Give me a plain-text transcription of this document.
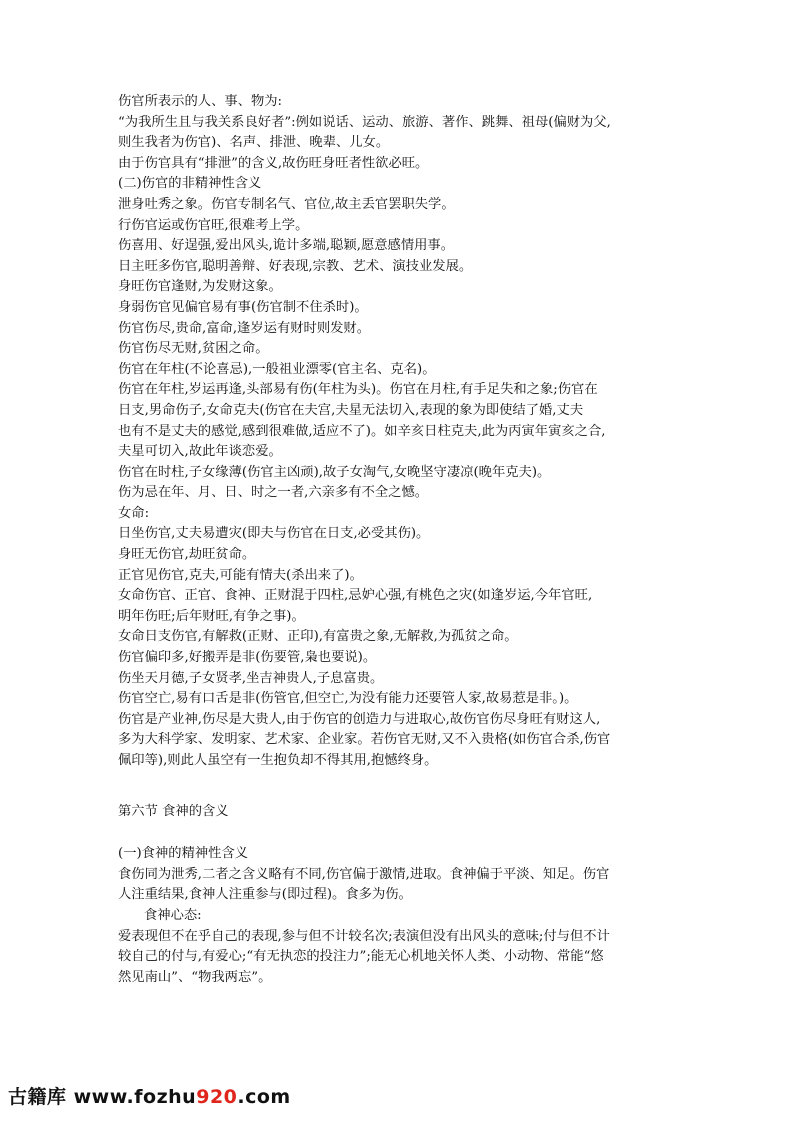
伤官所表示的人、事、物为:

“为我所生且与我关系良好者”:例如说话、运动、旅游、著作、跳舞、祖母(偏财为父,

则生我者为伤官)、名声、排泄、晚辈、儿女。

由于伤官具有“排泄”的含义,故伤旺身旺者性欲必旺。

(二)伤官的非精神性含义

泄身吐秀之象。伤官专制名气、官位,故主丢官罢职失学。

行伤官运或伤官旺,很难考上学。

伤喜用、好逞强,爱出风头,诡计多端,聪颖,愿意感情用事。

日主旺多伤官,聪明善辩、好表现,宗教、艺术、演技业发展。

身旺伤官逢财,为发财这象。

身弱伤官见偏官易有事(伤官制不住杀时)。

伤官伤尽,贵命,富命,逢岁运有财时则发财。

伤官伤尽无财,贫困之命。

伤官在年柱(不论喜忌),一般祖业漂零(官主名、克名)。

伤官在年柱,岁运再逢,头部易有伤(年柱为头)。伤官在月柱,有手足失和之象;伤官在

日支,男命伤子,女命克夫(伤官在夫宫,夫星无法切入,表现的象为即使结了婚,丈夫

也有不是丈夫的感觉,感到很难做,适应不了)。如辛亥日柱克夫,此为丙寅年寅亥之合,

夫星可切入,故此年谈恋爱。

伤官在时柱,子女缘薄(伤官主凶顽),故子女淘气,女晚坚守凄凉(晚年克夫)。

伤为忌在年、月、日、时之一者,六亲多有不全之憾。

女命:

日坐伤官,丈夫易遭灾(即夫与伤官在日支,必受其伤)。

身旺无伤官,劫旺贫命。

正官见伤官,克夫,可能有情夫(杀出来了)。

女命伤官、正官、食神、正财混于四柱,忌妒心强,有桃色之灾(如逢岁运,今年官旺,

明年伤旺;后年财旺,有争之事)。

女命日支伤官,有解救(正财、正印),有富贵之象,无解救,为孤贫之命。

伤官偏印多,好搬弄是非(伤要管,枭也要说)。

伤坐天月德,子女贤孝,坐吉神贵人,子息富贵。

伤官空亡,易有口舌是非(伤管官,但空亡,为没有能力还要管人家,故易惹是非。)。

伤官是产业神,伤尽是大贵人,由于伤官的创造力与进取心,故伤官伤尽身旺有财这人,

多为大科学家、发明家、艺术家、企业家。若伤官无财,又不入贵格(如伤官合杀,伤官

佩印等),则此人虽空有一生抱负却不得其用,抱憾终身。

第六节 食神的含义

(一)食神的精神性含义

食伤同为泄秀,二者之含义略有不同,伤官偏于激情,进取。食神偏于平淡、知足。伤官

人注重结果,食神人注重参与(即过程)。食多为伤。

食神心态:

爱表现但不在乎自己的表现,参与但不计较名次;表演但没有出风头的意味;付与但不计

较自己的付与,有爱心;“有无执恋的投注力”;能无心机地关怀人类、小动物、常能“悠

然见南山”、“物我两忘”。

古籍库 www.fozhu920.com
